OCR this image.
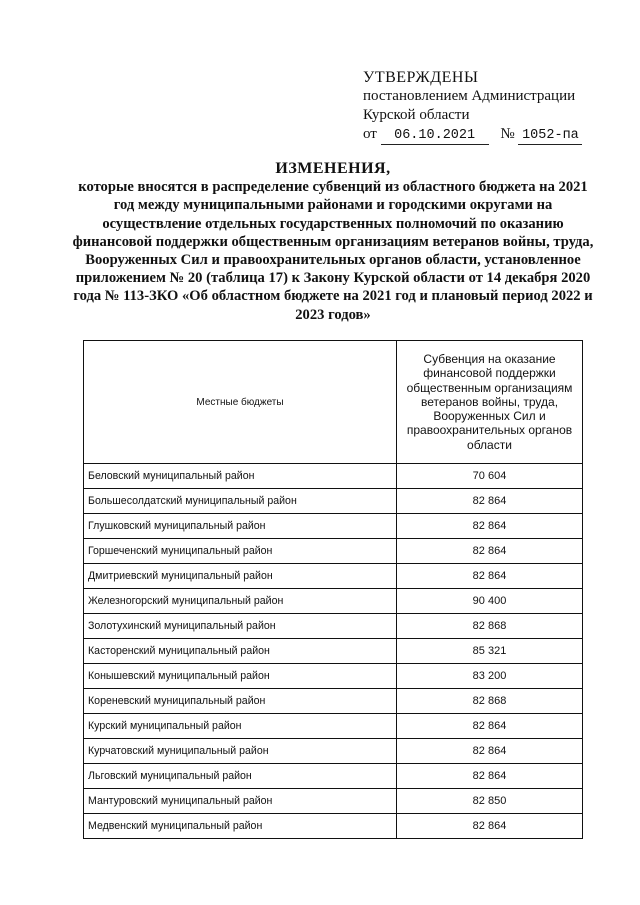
УТВЕРЖДЕНЫ
постановлением Администрации
Курской области
от 06.10.2021 № 1052-па
ИЗМЕНЕНИЯ,
которые вносятся в распределение субвенций из областного бюджета на 2021 год между муниципальными районами и городскими округами на осуществление отдельных государственных полномочий по оказанию финансовой поддержки общественным организациям ветеранов войны, труда, Вооруженных Сил и правоохранительных органов области, установленное приложением № 20 (таблица 17) к Закону Курской области от 14 декабря 2020 года № 113-ЗКО «Об областном бюджете на 2021 год и плановый период 2022 и 2023 годов»
Местные бюджеты	Субвенция на оказание финансовой поддержки общественным организациям ветеранов войны, труда, Вооруженных Сил и правоохранительных органов области
Беловский муниципальный район	70 604
Большесолдатский муниципальный район	82 864
Глушковский муниципальный район	82 864
Горшеченский муниципальный район	82 864
Дмитриевский муниципальный район	82 864
Железногорский муниципальный район	90 400
Золотухинский муниципальный район	82 868
Касторенский муниципальный район	85 321
Конышевский муниципальный район	83 200
Кореневский муниципальный район	82 868
Курский муниципальный район	82 864
Курчатовский муниципальный район	82 864
Льговский муниципальный район	82 864
Мантуровский муниципальный район	82 850
Медвенский муниципальный район	82 864
